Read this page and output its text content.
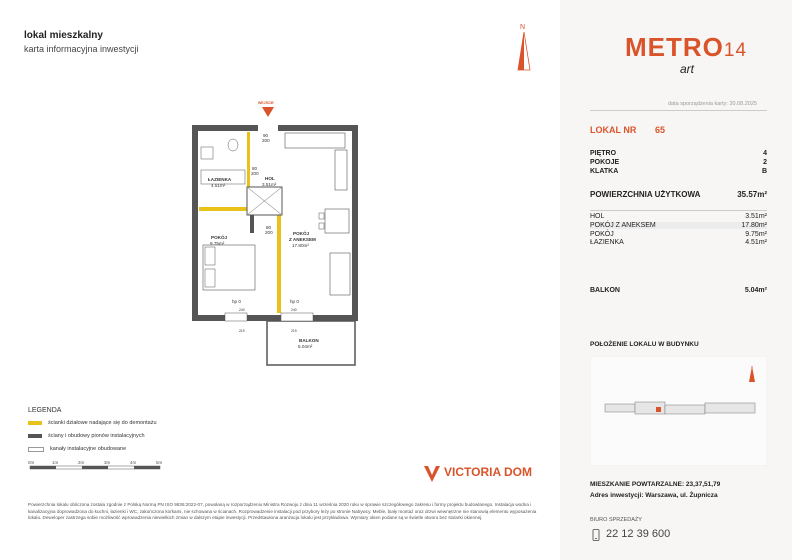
lokal mieszkalny
karta informacyjna inwestycji
N
WEJŚCIE
HOL
3.51m²
ŁAZIENKA
4.51m²
POKÓJ
9.75m²
POKÓJ
Z ANEKSEM
17.80m²
BALKON
5.04m²
80
200
80
200
90
200
hp 0	hp 0
240
219
240
219
LEGENDA
ścianki działowe nadające się do demontażu
ściany i obudowy pionów instalacyjnych
kanały instalacyjne obudowane
0m	1m	2m	3m	4m	5m
VICTORIA DOM
Powierzchnia lokalu obliczona zostala zgodnie z Polską Normą PN ISO 9836:2022-07, powołaną w rozporządzeniu Ministra Rozwoju z dnia 11 września 2020 roku w sprawie szczegółowego zakresu i formy projektu budowlanego. Instalacja wodna i kanalizacyjna doprowadzona do kuchni, łazienki i WC, zakończona korkami, nie schowana w ścianach. Rozprowadzenie instalacji pod przybory leży po stronie Nabywcy. Meble, biały montaż oraz drzwi wewnętrzne nie stanowią elementu wyposażenia lokalu. Deweloper zastrzega sobie możliwość wprowadzenia niewielkich zmian w dalszym etapie inwestycji. Przedstawiona aranżacja lokalu jest przykładowa. Wymiary okien podane są w świetle otworu bez stolarki okiennej.
METRO14
art
data sporządzenia karty: 20.08.2025
LOKAL NR 65
PIĘTRO	4
POKOJE	2
KLATKA	B
POWIERZCHNIA UŻYTKOWA	35.57m²
HOL	3.51m²
POKÓJ Z ANEKSEM	17.80m²
POKÓJ	9.75m²
ŁAZIENKA	4.51m²
BALKON	5.04m²
POŁOŻENIE LOKALU W BUDYNKU
MIESZKANIE POWTARZALNE: 23,37,51,79
Adres inwestycji: Warszawa, ul. Żupnicza
BIURO SPRZEDAŻY
22 12 39 600
